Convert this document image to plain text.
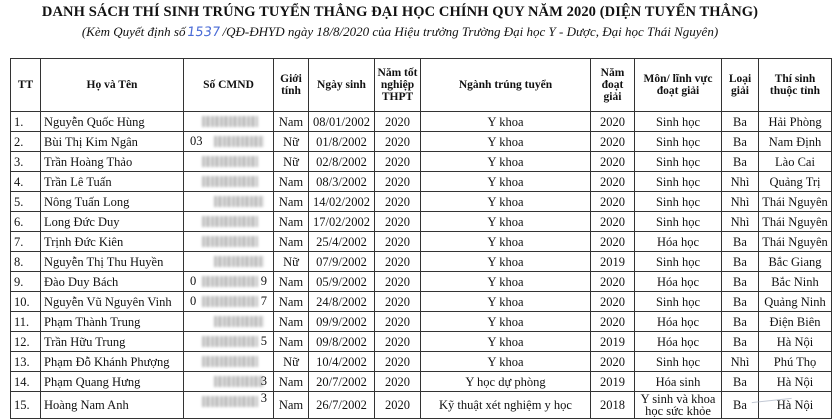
DANH SÁCH THÍ SINH TRÚNG TUYỂN THẲNG ĐẠI HỌC CHÍNH QUY NĂM 2020 (DIỆN TUYỂN THẲNG)
(Kèm Quyết định số1537/QĐ-ĐHYD ngày 18/8/2020 của Hiệu trưởng Trường Đại học Y - Dược, Đại học Thái Nguyên)
TT	Họ và Tên	Số CMND	Giới tính	Ngày sinh	Năm tốt nghiệp THPT	Ngành trúng tuyển	Năm đoạt giải	Môn/ lĩnh vực đoạt giải	Loại giải	Thí sinh thuộc tỉnh
1.	Nguyễn Quốc Hùng		Nam	08/01/2002	2020	Y khoa	2020	Sinh học	Ba	Hải Phòng
2.	Bùi Thị Kim Ngân	03	Nữ	01/8/2002	2020	Y khoa	2020	Sinh học	Ba	Nam Định
3.	Trần Hoàng Thảo		Nữ	02/8/2002	2020	Y khoa	2020	Sinh học	Ba	Lào Cai
4.	Trần Lê Tuấn		Nam	08/3/2002	2020	Y khoa	2020	Sinh học	Nhì	Quảng Trị
5.	Nông Tuấn Long		Nam	14/02/2002	2020	Y khoa	2020	Sinh học	Nhì	Thái Nguyên
6.	Long Đức Duy		Nam	17/02/2002	2020	Y khoa	2020	Sinh học	Nhì	Thái Nguyên
7.	Trịnh Đức Kiên		Nam	25/4/2002	2020	Y khoa	2020	Hóa học	Ba	Thái Nguyên
8.	Nguyễn Thị Thu Huyền		Nữ	07/9/2002	2020	Y khoa	2019	Sinh học	Ba	Bắc Giang
9.	Đào Duy Bách	0 9	Nam	05/9/2002	2020	Y khoa	2020	Hóa học	Ba	Bắc Ninh
10.	Nguyễn Vũ Nguyên Vinh	0 7	Nam	24/8/2002	2020	Y khoa	2020	Sinh học	Ba	Quảng Ninh
11.	Phạm Thành Trung		Nam	09/9/2002	2020	Y khoa	2020	Hóa học	Ba	Điện Biên
12.	Trần Hữu Trung	5	Nam	09/8/2002	2020	Y khoa	2019	Hóa học	Ba	Hà Nội
13.	Phạm Đỗ Khánh Phượng		Nữ	10/4/2002	2020	Y khoa	2020	Sinh học	Nhì	Phú Thọ
14.	Phạm Quang Hưng	3	Nam	20/7/2002	2020	Y học dự phòng	2019	Hóa sinh	Ba	Hà Nội
15.	Hoàng Nam Anh	3	Nam	26/7/2002	2020	Kỹ thuật xét nghiệm y học	2018	Y sinh và khoa học sức khỏe	Ba	Hà Nội
